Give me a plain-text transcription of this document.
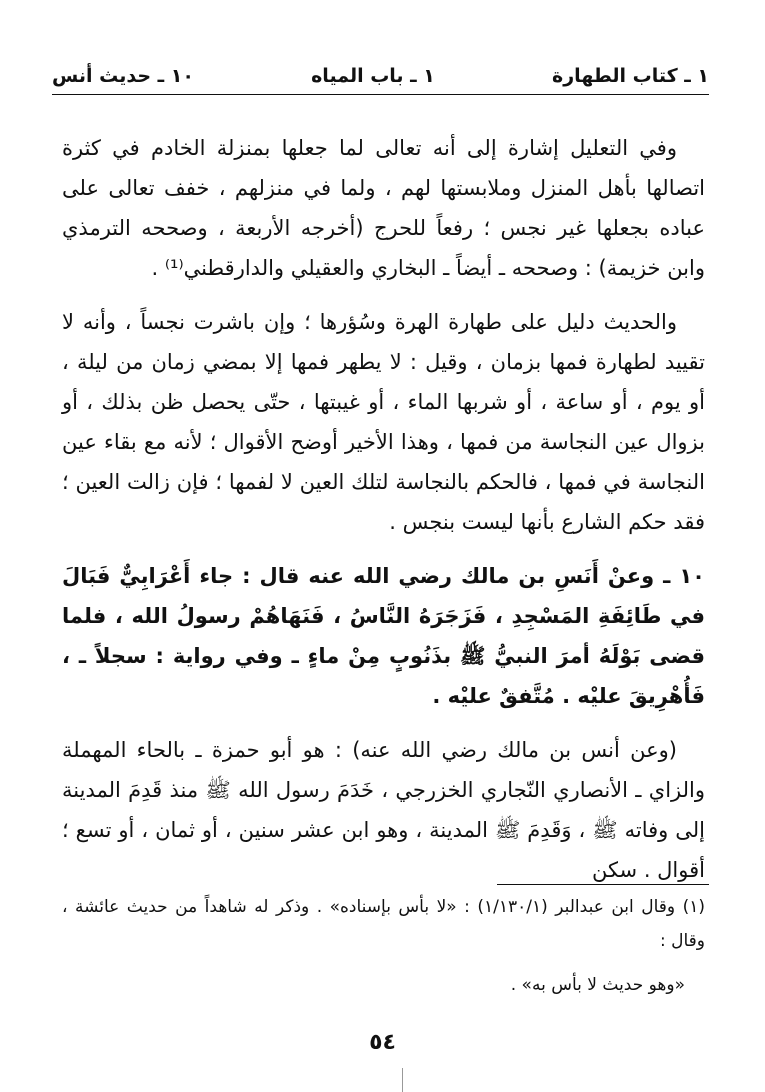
١ ـ كتاب الطهارة
١ ـ باب المياه
١٠ ـ حديث أنس

وفي التعليل إشارة إلى أنه تعالى لما جعلها بمنزلة الخادم في كثرة اتصالها بأهل المنزل وملابستها لهم ، ولما في منزلهم ، خفف تعالى على عباده بجعلها غير نجس ؛ رفعاً للحرج (أخرجه الأربعة ، وصححه الترمذي وابن خزيمة) : وصححه ـ أيضاً ـ البخاري والعقيلي والدارقطني⁽¹⁾ .

والحديث دليل على طهارة الهرة وسُؤرها ؛ وإن باشرت نجساً ، وأنه لا تقييد لطهارة فمها بزمان ، وقيل : لا يطهر فمها إلا بمضي زمان من ليلة ، أو يوم ، أو ساعة ، أو شربها الماء ، أو غيبتها ، حتّى يحصل ظن بذلك ، أو بزوال عين النجاسة من فمها ، وهذا الأخير أوضح الأقوال ؛ لأنه مع بقاء عين النجاسة في فمها ، فالحكم بالنجاسة لتلك العين لا لفمها ؛ فإن زالت العين ؛ فقد حكم الشارع بأنها ليست بنجس .

١٠ ـ وعنْ أَنَسِ بن مالك رضي الله عنه قال : جاء أَعْرَابِيٌّ فَبَالَ في طَائِفَةِ المَسْجِدِ ، فَزَجَرَهُ النَّاسُ ، فَنَهَاهُمْ رسولُ الله ، فلما قضى بَوْلَهُ أمرَ النبيُّ ﷺ بذَنُوبٍ مِنْ ماءٍ ـ وفي رواية : سجلاً ـ ، فَأُهْرِيقَ عليْه . مُتَّفقٌ عليْه .

(وعن أنس بن مالك رضي الله عنه) : هو أبو حمزة ـ بالحاء المهملة والزاي ـ الأنصاري النّجاري الخزرجي ، خَدَمَ رسول الله ﷺ منذ قَدِمَ المدينة إلى وفاته ﷺ ، وَقَدِمَ ﷺ المدينة ، وهو ابن عشر سنين ، أو ثمان ، أو تسع ؛ أقوال . سكن

(١) وقال ابن عبدالبر (١/١٣٠/١) : «لا بأس بإسناده» . وذكر له شاهداً من حديث عائشة ، وقال :

«وهو حديث لا بأس به» .

٥٤
